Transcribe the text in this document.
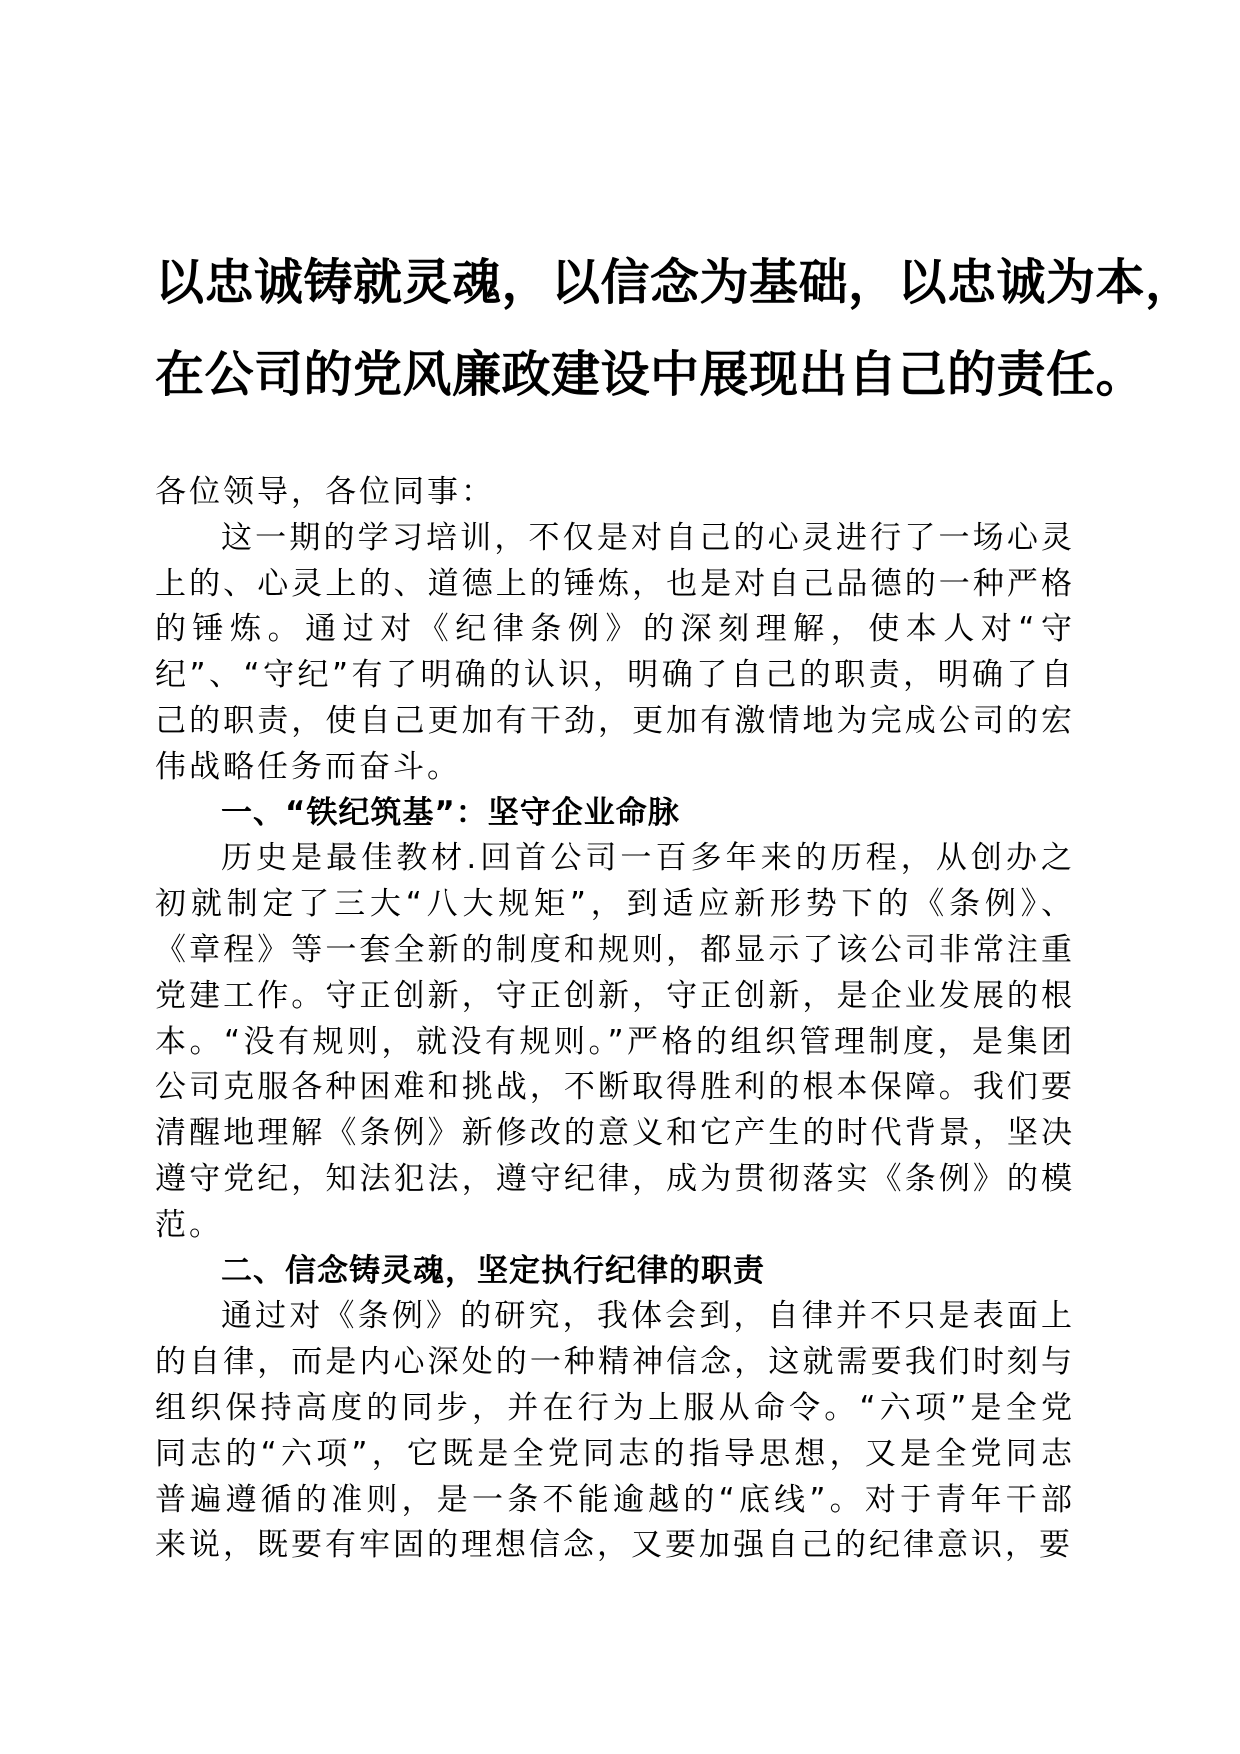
以忠诚铸就灵魂，以信念为基础，以忠诚为本，
在公司的党风廉政建设中展现出自己的责任。

各位领导，各位同事：

这一期的学习培训，不仅是对自己的心灵进行了一场心灵上的、心灵上的、道德上的锤炼，也是对自己品德的一种严格的锤炼。通过对《纪律条例》的深刻理解，使本人对“守纪”、“守纪”有了明确的认识，明确了自己的职责，明确了自己的职责，使自己更加有干劲，更加有激情地为完成公司的宏伟战略任务而奋斗。

一、“铁纪筑基”：坚守企业命脉

历史是最佳教材.回首公司一百多年来的历程，从创办之初就制定了三大“八大规矩”，到适应新形势下的《条例》、《章程》等一套全新的制度和规则，都显示了该公司非常注重党建工作。守正创新，守正创新，守正创新，是企业发展的根本。“没有规则，就没有规则。”严格的组织管理制度，是集团公司克服各种困难和挑战，不断取得胜利的根本保障。我们要清醒地理解《条例》新修改的意义和它产生的时代背景，坚决遵守党纪，知法犯法，遵守纪律，成为贯彻落实《条例》的模范。

二、信念铸灵魂，坚定执行纪律的职责

通过对《条例》的研究，我体会到，自律并不只是表面上的自律，而是内心深处的一种精神信念，这就需要我们时刻与组织保持高度的同步，并在行为上服从命令。“六项”是全党同志的“六项”，它既是全党同志的指导思想，又是全党同志普遍遵循的准则，是一条不能逾越的“底线”。对于青年干部来说，既要有牢固的理想信念，又要加强自己的纪律意识，要
